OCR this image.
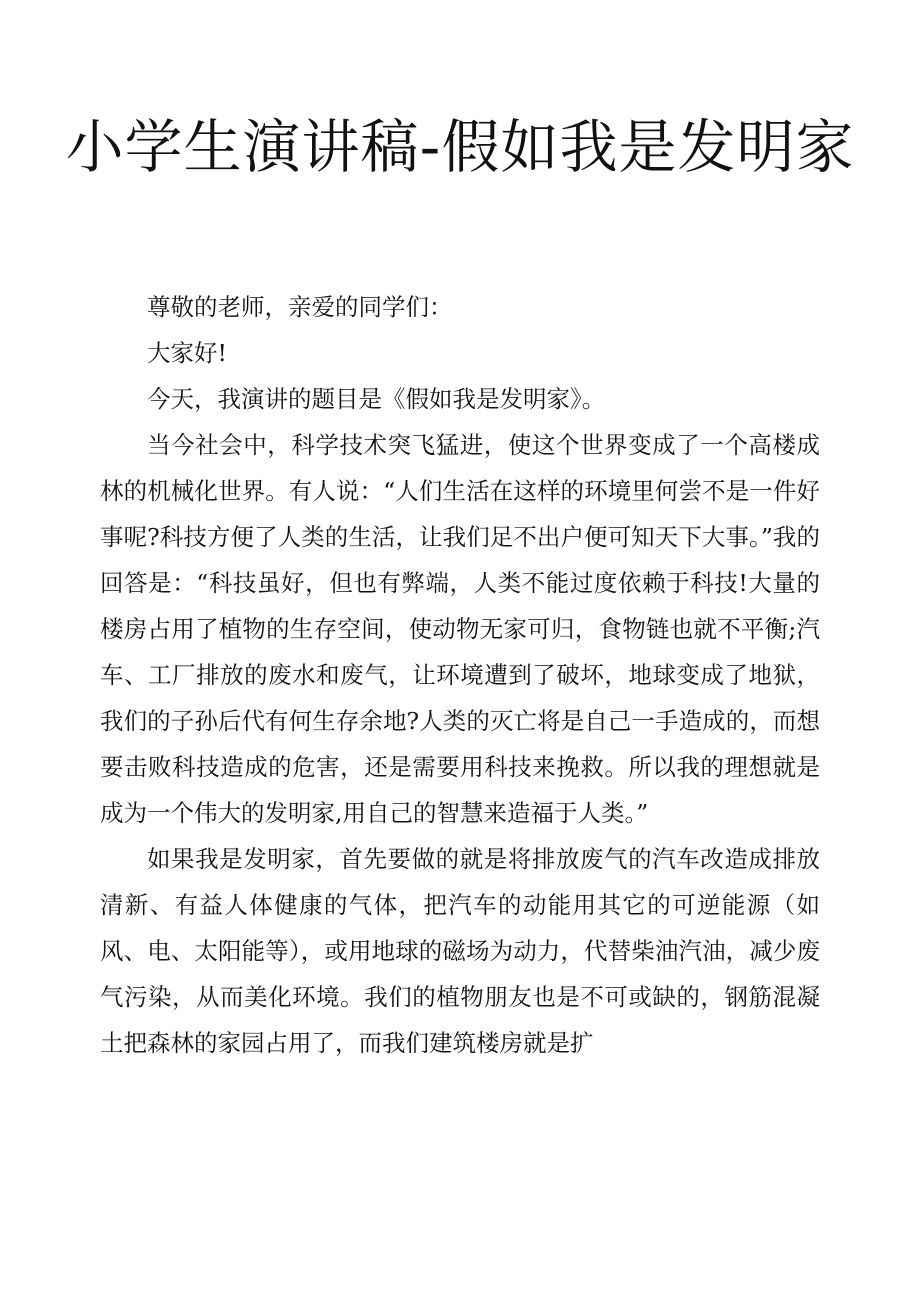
小学生演讲稿-假如我是发明家

尊敬的老师，亲爱的同学们：

大家好!

今天，我演讲的题目是《假如我是发明家》。

当今社会中，科学技术突飞猛进，使这个世界变成了一个高楼成林的机械化世界。有人说：“人们生活在这样的环境里何尝不是一件好事呢?科技方便了人类的生活，让我们足不出户便可知天下大事。”我的回答是：“科技虽好，但也有弊端，人类不能过度依赖于科技!大量的楼房占用了植物的生存空间，使动物无家可归，食物链也就不平衡;汽车、工厂排放的废水和废气，让环境遭到了破坏，地球变成了地狱，我们的子孙后代有何生存余地?人类的灭亡将是自己一手造成的，而想要击败科技造成的危害，还是需要用科技来挽救。所以我的理想就是成为一个伟大的发明家,用自己的智慧来造福于人类。”

如果我是发明家，首先要做的就是将排放废气的汽车改造成排放清新、有益人体健康的气体，把汽车的动能用其它的可逆能源（如风、电、太阳能等），或用地球的磁场为动力，代替柴油汽油，减少废气污染，从而美化环境。我们的植物朋友也是不可或缺的，钢筋混凝土把森林的家园占用了，而我们建筑楼房就是扩
